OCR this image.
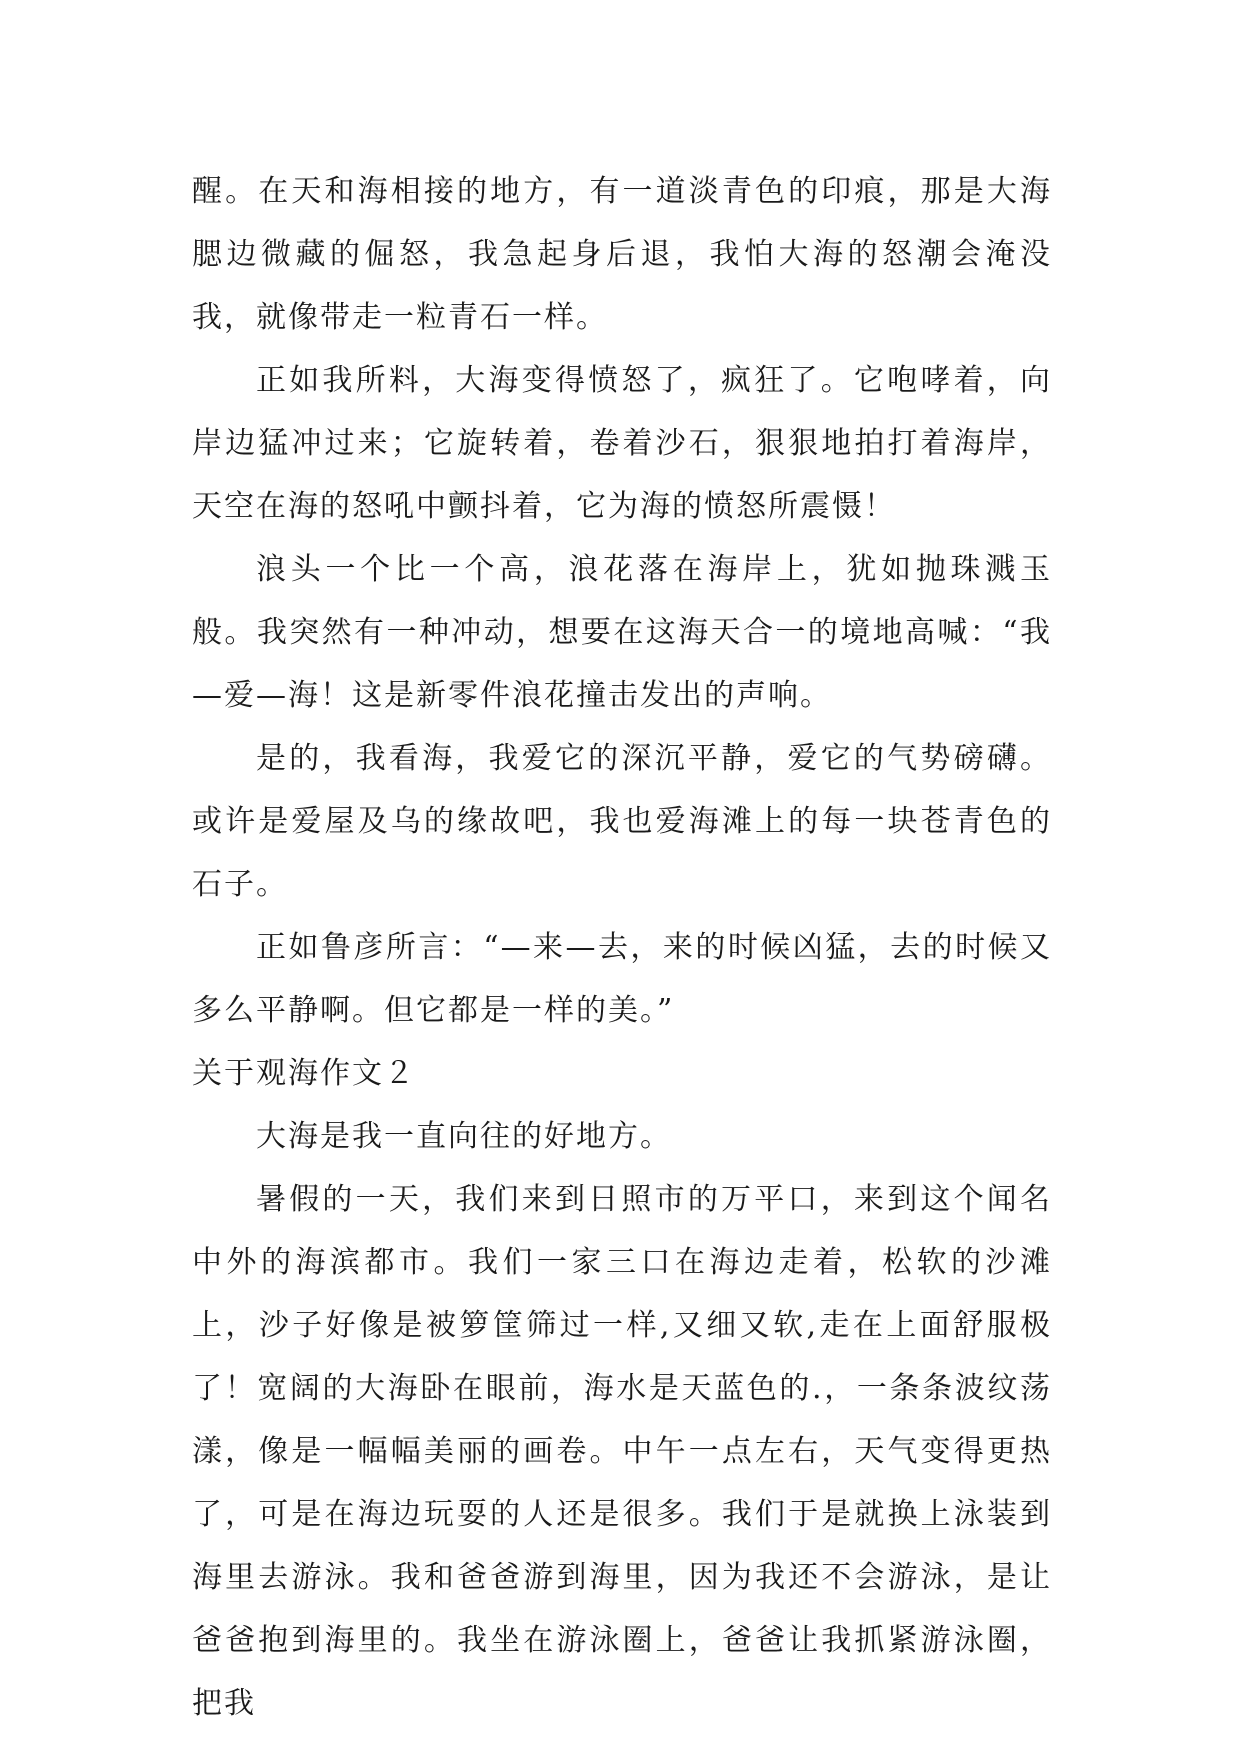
醒。在天和海相接的地方，有一道淡青色的印痕，那是大海腮边微藏的倔怒，我急起身后退，我怕大海的怒潮会淹没我，就像带走一粒青石一样。

正如我所料，大海变得愤怒了，疯狂了。它咆哮着，向岸边猛冲过来；它旋转着，卷着沙石，狠狠地拍打着海岸，天空在海的怒吼中颤抖着，它为海的愤怒所震慑！

浪头一个比一个高，浪花落在海岸上，犹如抛珠溅玉般。我突然有一种冲动，想要在这海天合一的境地高喊：“我—爱—海！这是新零件浪花撞击发出的声响。

是的，我看海，我爱它的深沉平静，爱它的气势磅礴。或许是爱屋及乌的缘故吧，我也爱海滩上的每一块苍青色的石子。

正如鲁彦所言：“—来—去，来的时候凶猛，去的时候又多么平静啊。但它都是一样的美。”

关于观海作文２

大海是我一直向往的好地方。

暑假的一天，我们来到日照市的万平口，来到这个闻名中外的海滨都市。我们一家三口在海边走着，松软的沙滩上，沙子好像是被箩筐筛过一样,又细又软,走在上面舒服极了！宽阔的大海卧在眼前，海水是天蓝色的.，一条条波纹荡漾，像是一幅幅美丽的画卷。中午一点左右，天气变得更热了，可是在海边玩耍的人还是很多。我们于是就换上泳装到海里去游泳。我和爸爸游到海里，因为我还不会游泳，是让爸爸抱到海里的。我坐在游泳圈上，爸爸让我抓紧游泳圈，把我
